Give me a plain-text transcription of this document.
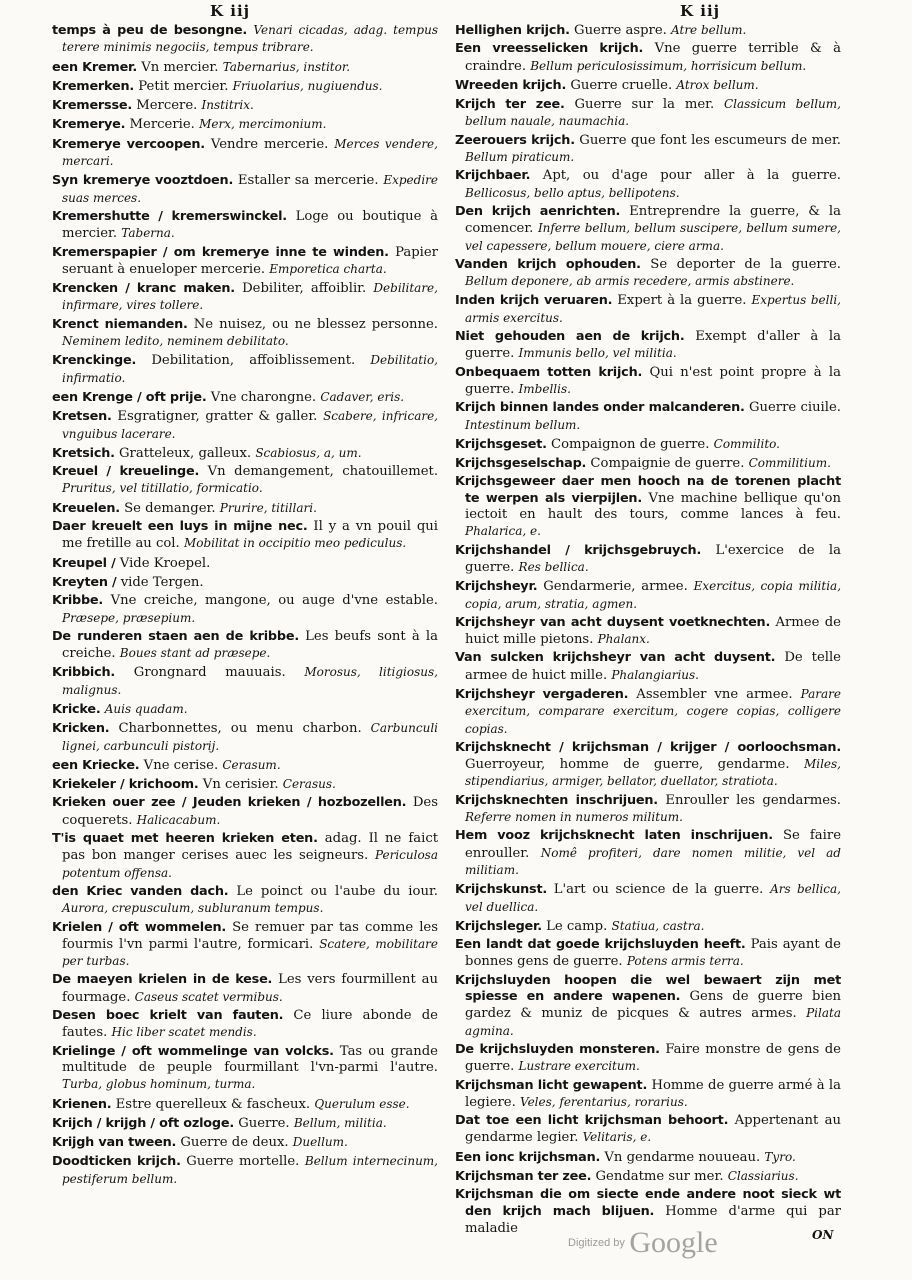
K iij	K iij
temps à peu de besongne. Venari cicadas, adag. tempus terere minimis negociis, tempus tribrare.
een Kremer. Vn mercier. Tabernarius, institor.
Kremerken. Petit mercier. Friuolarius, nugiuendus.
Kremersse. Mercere. Institrix.
Kremerye. Mercerie. Merx, mercimonium.
Kremerye vercoopen. Vendre mercerie. Merces vendere, mercari.
Syn kremerye vooztdoen. Estaller sa mercerie. Expedire suas merces.
Kremershutte / kremerswinckel. Loge ou boutique à mercier. Taberna.
Kremerspapier / om kremerye inne te winden. Papier seruant à enueloper mercerie. Emporetica charta.
Krencken / kranc maken. Debiliter, affoiblir. Debilitare, infirmare, vires tollere.
Krenct niemanden. Ne nuisez, ou ne blessez personne. Neminem ledito, neminem debilitato.
Krenckinge. Debilitation, affoiblissement. Debilitatio, infirmatio.
een Krenge / oft prije. Vne charongne. Cadaver, eris.
Kretsen. Esgratigner, gratter & galler. Scabere, infricare, vnguibus lacerare.
Kretsich. Gratteleux, galleux. Scabiosus, a, um.
Kreuel / kreuelinge. Vn demangement, chatouillemet. Pruritus, vel titillatio, formicatio.
Kreuelen. Se demanger. Prurire, titillari.
Daer kreuelt een luys in mijne nec. Il y a vn pouil qui me fretille au col. Mobilitat in occipitio meo pediculus.
Kreupel / Vide Kroepel.
Kreyten / vide Tergen.
Kribbe. Vne creiche, mangone, ou auge d'vne estable. Præsepe, præsepium.
De runderen staen aen de kribbe. Les beufs sont à la creiche. Boues stant ad præsepe.
Kribbich. Grongnard mauuais. Morosus, litigiosus, malignus.
Kricke. Auis quadam.
Kricken. Charbonnettes, ou menu charbon. Carbunculi lignei, carbunculi pistorij.
een Krieckе. Vne cerise. Cerasum.
Kriekeler / krichoom. Vn cerisier. Cerasus.
Krieken ouer zee / Jeuden krieken / hozbozellen. Des coquerets. Halicacabum.
T'is quaet met heeren krieken eten. adag. Il ne faict pas bon manger cerises auec les seigneurs. Periculosa potentum offensa.
den Kriec vanden dach. Le poinct ou l'aube du iour. Aurora, crepusculum, subluranum tempus.
Krielen / oft wommelen. Se remuer par tas comme les fourmis l'vn parmi l'autre, formicari. Scatere, mobilitare per turbas.
De maeyen krielen in de kese. Les vers fourmillent au fourmage. Caseus scatet vermibus.
Desen boec krielt van fauten. Ce liure abonde de fautes. Hic liber scatet mendis.
Krielinge / oft wommelinge van volcks. Tas ou grande multitude de peuple fourmillant l'vn-parmi l'autre. Turba, globus hominum, turma.
Krienen. Estre querelleux & fascheux. Querulum esse.
Krijch / krijgh / oft ozloge. Guerre. Bellum, militia.
Krijgh van tween. Guerre de deux. Duellum.
Doodticken krijch. Guerre mortelle. Bellum internecinum, pestiferum bellum.
Hellighen krijch. Guerre aspre. Atre bellum.
Een vreesselicken krijch. Vne guerre terrible & à craindre. Bellum periculosissimum, horrisicum bellum.
Wreeden krijch. Guerre cruelle. Atrox bellum.
Krijch ter zee. Guerre sur la mer. Classicum bellum, bellum naualе, naumachia.
Zeerouers krijch. Guerre que font les escumeurs de mer. Bellum piraticum.
Krijchbaer. Apt, ou d'age pour aller à la guerre. Bellicosus, bello aptus, bellipotens.
Den krijch aenrichten. Entreprendre la guerre, & la comencer. Inferre bellum, bellum suscipere, bellum sumere, vel capessere, bellum mouere, ciere arma.
Vanden krijch ophouden. Se deporter de la guerre. Bellum deponere, ab armis recedere, armis abstinere.
Inden krijch veruaren. Expert à la guerre. Expertus belli, armis exercitus.
Niet gehouden aen de krijch. Exempt d'aller à la guerre. Immunis bello, vel militia.
Onbequaem totten krijch. Qui n'est point propre à la guerre. Imbellis.
Krijch binnen landes onder malcanderen. Guerre ciuile. Intestinum bellum.
Krijchsgeset. Compaignon de guerre. Commilito.
Krijchsgeselschap. Compaignie de guerre. Commilitium.
Krijchsgeweer daer men hooch na de torenen placht te werpen als vierpijlen. Vne machine bellique qu'on iectoit en hault des tours, comme lances à feu. Phalarica, e.
Krijchshandel / krijchsgebruych. L'exercice de la guerre. Res bellica.
Krijchsheyr. Gendarmerie, armee. Exercitus, copia militia, copia, arum, stratia, agmen.
Krijchsheyr van acht duysent voetknechten. Armee de huict mille pietons. Phalanx.
Van sulcken krijchsheyr van acht duysent. De telle armee de huict mille. Phalangiarius.
Krijchsheyr vergaderen. Assembler vne armee. Parare exercitum, comparare exercitum, cogere copias, colligere copias.
Krijchsknecht / krijchsman / krijger / oorloochsman. Guerroyeur, homme de guerre, gendarme. Miles, stipendiarius, armiger, bellator, duellator, stratiota.
Krijchsknechten inschrijuen. Enrouller les gendarmes. Referre nomen in numeros militum.
Hem vooz krijchsknecht laten inschrijuen. Se faire enrouller. Nomê profiteri, dare nomen militie, vel ad militiam.
Krijchskunst. L'art ou science de la guerre. Ars bellica, vel duellica.
Krijchsleger. Le camp. Statiua, castra.
Een landt dat goede krijchsluyden heeft. Pais ayant de bonnes gens de guerre. Potens armis terra.
Krijchsluyden hoopen die wel bewaert zijn met spiesse en anderе wapenen. Gens de guerre bien gardez & muniz de picques & autres armes. Pilata agmina.
De krijchsluyden monsteren. Faire monstre de gens de guerre. Lustrare exercitum.
Krijchsman licht gewapent. Homme de guerre armé à la legiere. Veles, ferentarius, rorarius.
Dat toe een licht krijchsman behoort. Appertenant au gendarme legier. Velitaris, e.
Een ionc krijchsman. Vn gendarme nouueau. Tyro.
Krijchsman ter zee. Gendatme sur mer. Classiarius.
Krijchsman die om siecte ende andere noot sieck wt den krijch mach blijuen. Homme d'arme qui par maladie
Digitized by Google	ON
